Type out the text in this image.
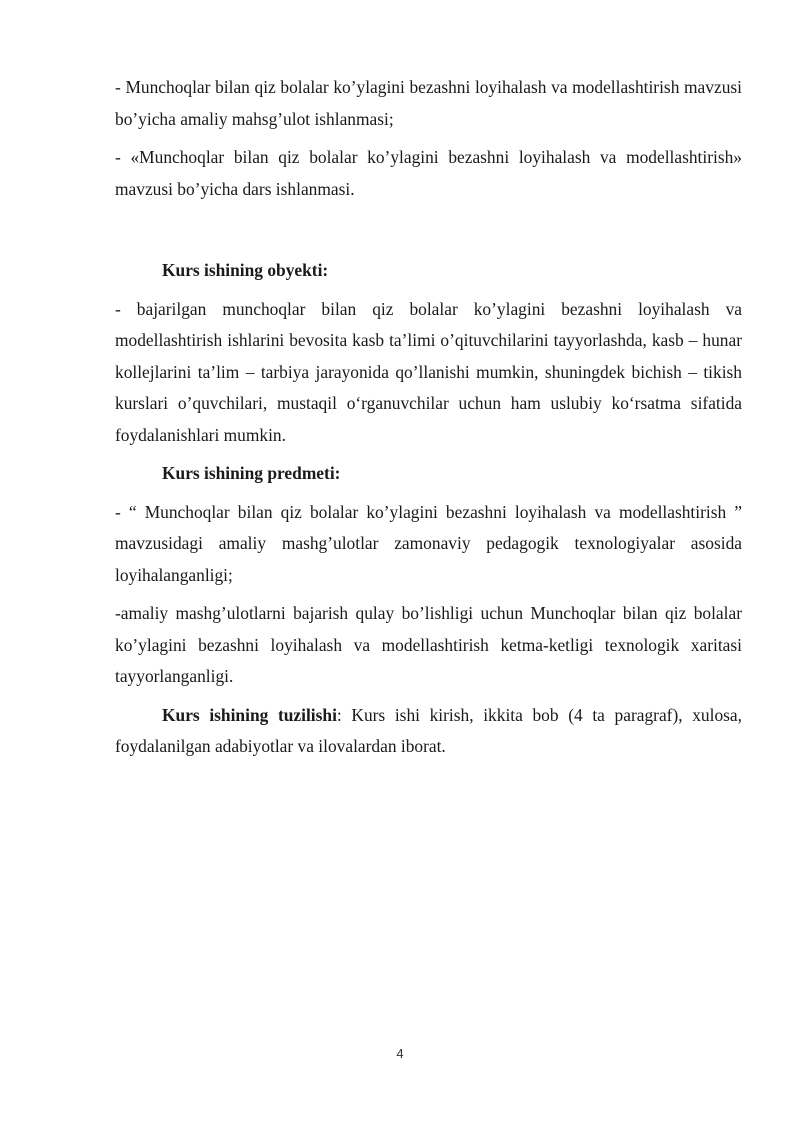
- Munchoqlar bilan qiz bolalar ko’ylagini bezashni loyihalash va modellashtirish mavzusi bo’yicha amaliy mahsg’ulot ishlanmasi;

- «Munchoqlar bilan qiz bolalar ko’ylagini bezashni loyihalash va modellashtirish» mavzusi bo’yicha dars ishlanmasi.

Kurs ishining obyekti:

- bajarilgan munchoqlar bilan qiz bolalar ko’ylagini bezashni loyihalash va modellashtirish ishlarini bevosita kasb ta’limi o’qituvchilarini tayyorlashda, kasb – hunar kollejlarini ta’lim – tarbiya jarayonida qo’llanishi mumkin, shuningdek bichish – tikish kurslari o’quvchilari, mustaqil o‘rganuvchilar uchun ham uslubiy ko‘rsatma sifatida foydalanishlari mumkin.

Kurs ishining predmeti:

- “ Munchoqlar bilan qiz bolalar ko’ylagini bezashni loyihalash va modellashtirish ” mavzusidagi amaliy mashg’ulotlar zamonaviy pedagogik texnologiyalar asosida loyihalanganligi;

-amaliy mashg’ulotlarni bajarish qulay bo’lishligi uchun Munchoqlar bilan qiz bolalar ko’ylagini bezashni loyihalash va modellashtirish ketma-ketligi texnologik xaritasi tayyorlanganligi.

Kurs ishining tuzilishi: Kurs ishi kirish, ikkita bob (4 ta paragraf), xulosa, foydalanilgan adabiyotlar va ilovalardan iborat.

4
